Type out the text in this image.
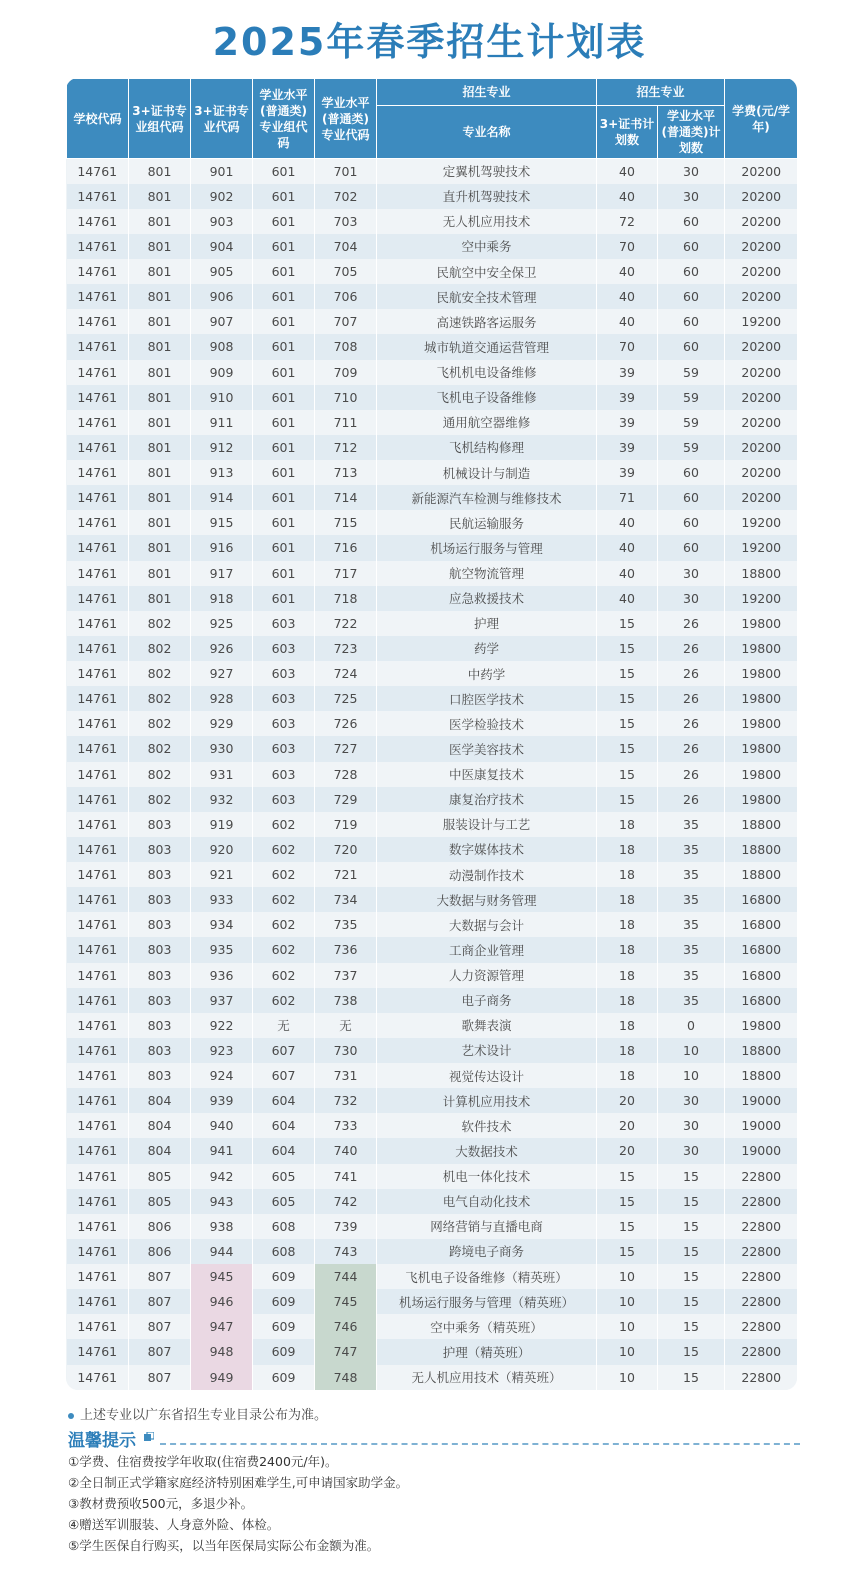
2025年春季招生计划表
学校代码	3+证书专业组代码	3+证书专业代码	学业水平(普通类)专业组代码	学业水平(普通类)专业代码	招生专业	招生专业		学费(元/学年)
					专业名称	3+证书计划数	学业水平(普通类)计划数	
14761	801	901	601	701	定翼机驾驶技术	40	30	20200
14761	801	902	601	702	直升机驾驶技术	40	30	20200
14761	801	903	601	703	无人机应用技术	72	60	20200
14761	801	904	601	704	空中乘务	70	60	20200
14761	801	905	601	705	民航空中安全保卫	40	60	20200
14761	801	906	601	706	民航安全技术管理	40	60	20200
14761	801	907	601	707	高速铁路客运服务	40	60	19200
14761	801	908	601	708	城市轨道交通运营管理	70	60	20200
14761	801	909	601	709	飞机机电设备维修	39	59	20200
14761	801	910	601	710	飞机电子设备维修	39	59	20200
14761	801	911	601	711	通用航空器维修	39	59	20200
14761	801	912	601	712	飞机结构修理	39	59	20200
14761	801	913	601	713	机械设计与制造	39	60	20200
14761	801	914	601	714	新能源汽车检测与维修技术	71	60	20200
14761	801	915	601	715	民航运输服务	40	60	19200
14761	801	916	601	716	机场运行服务与管理	40	60	19200
14761	801	917	601	717	航空物流管理	40	30	18800
14761	801	918	601	718	应急救援技术	40	30	19200
14761	802	925	603	722	护理	15	26	19800
14761	802	926	603	723	药学	15	26	19800
14761	802	927	603	724	中药学	15	26	19800
14761	802	928	603	725	口腔医学技术	15	26	19800
14761	802	929	603	726	医学检验技术	15	26	19800
14761	802	930	603	727	医学美容技术	15	26	19800
14761	802	931	603	728	中医康复技术	15	26	19800
14761	802	932	603	729	康复治疗技术	15	26	19800
14761	803	919	602	719	服装设计与工艺	18	35	18800
14761	803	920	602	720	数字媒体技术	18	35	18800
14761	803	921	602	721	动漫制作技术	18	35	18800
14761	803	933	602	734	大数据与财务管理	18	35	16800
14761	803	934	602	735	大数据与会计	18	35	16800
14761	803	935	602	736	工商企业管理	18	35	16800
14761	803	936	602	737	人力资源管理	18	35	16800
14761	803	937	602	738	电子商务	18	35	16800
14761	803	922	无	无	歌舞表演	18	0	19800
14761	803	923	607	730	艺术设计	18	10	18800
14761	803	924	607	731	视觉传达设计	18	10	18800
14761	804	939	604	732	计算机应用技术	20	30	19000
14761	804	940	604	733	软件技术	20	30	19000
14761	804	941	604	740	大数据技术	20	30	19000
14761	805	942	605	741	机电一体化技术	15	15	22800
14761	805	943	605	742	电气自动化技术	15	15	22800
14761	806	938	608	739	网络营销与直播电商	15	15	22800
14761	806	944	608	743	跨境电子商务	15	15	22800
14761	807	945	609	744	飞机电子设备维修（精英班）	10	15	22800
14761	807	946	609	745	机场运行服务与管理（精英班）	10	15	22800
14761	807	947	609	746	空中乘务（精英班）	10	15	22800
14761	807	948	609	747	护理（精英班）	10	15	22800
14761	807	949	609	748	无人机应用技术（精英班）	10	15	22800
上述专业以广东省招生专业目录公布为准。
温馨提示
①学费、住宿费按学年收取(住宿费2400元/年)。
②全日制正式学籍家庭经济特别困难学生,可申请国家助学金。
③教材费预收500元，多退少补。
④赠送军训服装、人身意外险、体检。
⑤学生医保自行购买，以当年医保局实际公布金额为准。
